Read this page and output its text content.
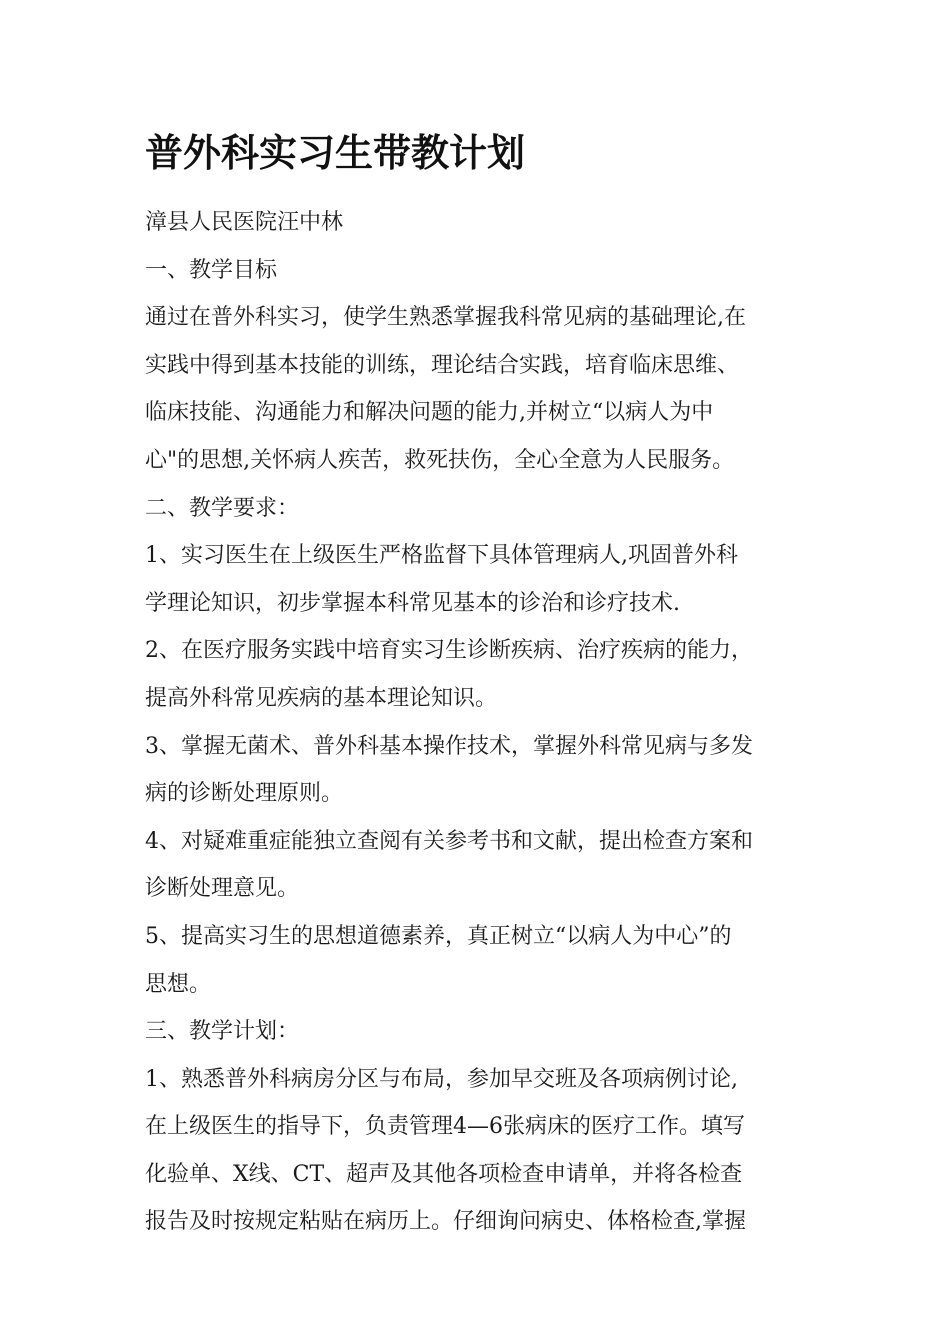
普外科实习生带教计划
漳县人民医院汪中林
一、教学目标
通过在普外科实习，使学生熟悉掌握我科常见病的基础理论,在
实践中得到基本技能的训练，理论结合实践，培育临床思维、
临床技能、沟通能力和解决问题的能力,并树立“以病人为中
心"的思想,关怀病人疾苦，救死扶伤，全心全意为人民服务。
二、教学要求：
1、实习医生在上级医生严格监督下具体管理病人,巩固普外科
学理论知识，初步掌握本科常见基本的诊治和诊疗技术.
2、在医疗服务实践中培育实习生诊断疾病、治疗疾病的能力，
提高外科常见疾病的基本理论知识。
3、掌握无菌术、普外科基本操作技术，掌握外科常见病与多发
病的诊断处理原则。
4、对疑难重症能独立查阅有关参考书和文献，提出检查方案和
诊断处理意见。
5、提高实习生的思想道德素养，真正树立“以病人为中心”的
思想。
三、教学计划：
1、熟悉普外科病房分区与布局，参加早交班及各项病例讨论,
在上级医生的指导下，负责管理4—6张病床的医疗工作。填写
化验单、X线、CT、超声及其他各项检查申请单，并将各检查
报告及时按规定粘贴在病历上。仔细询问病史、体格检查,掌握
